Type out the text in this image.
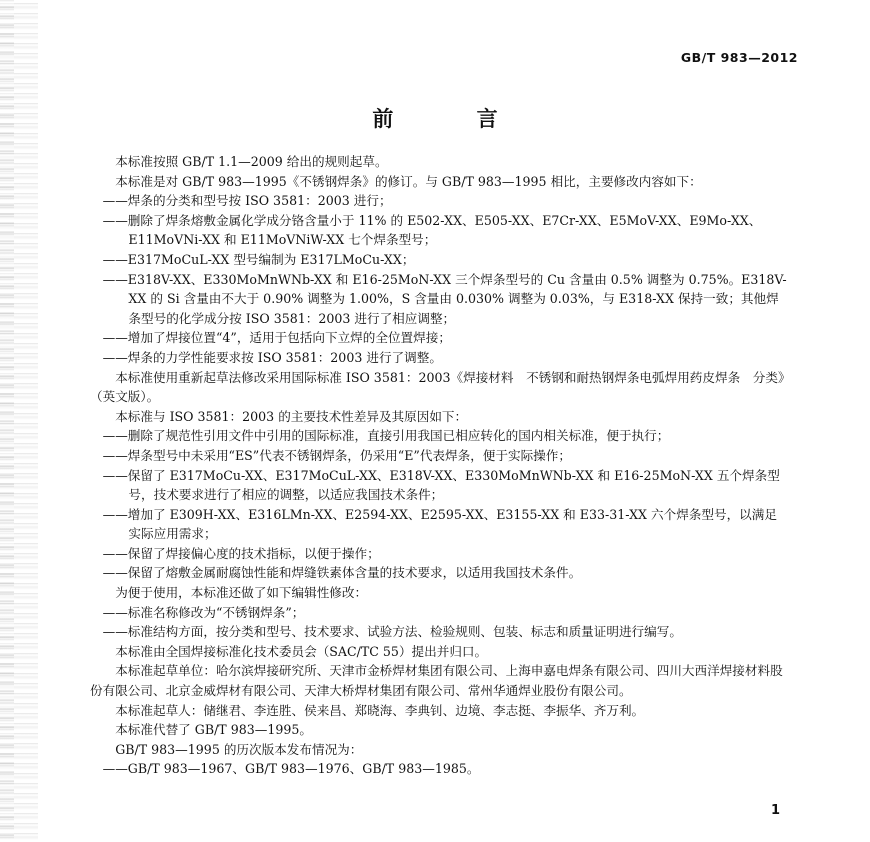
GB/T 983—2012
前 言

本标准按照 GB/T 1.1—2009 给出的规则起草。

本标准是对 GB/T 983—1995《不锈钢焊条》的修订。与 GB/T 983—1995 相比，主要修改内容如下：

——焊条的分类和型号按 ISO 3581：2003 进行；

——删除了焊条熔敷金属化学成分铬含量小于 11% 的 E502-XX、E505-XX、E7Cr-XX、E5MoV-XX、E9Mo-XX、E11MoVNi-XX 和 E11MoVNiW-XX 七个焊条型号；

——E317MoCuL-XX 型号编制为 E317LMoCu-XX；

——E318V-XX、E330MoMnWNb-XX 和 E16-25MoN-XX 三个焊条型号的 Cu 含量由 0.5% 调整为 0.75%。E318V-XX 的 Si 含量由不大于 0.90% 调整为 1.00%，S 含量由 0.030% 调整为 0.03%，与 E318-XX 保持一致；其他焊条型号的化学成分按 ISO 3581：2003 进行了相应调整；

——增加了焊接位置“4”，适用于包括向下立焊的全位置焊接；

——焊条的力学性能要求按 ISO 3581：2003 进行了调整。

本标准使用重新起草法修改采用国际标准 ISO 3581：2003《焊接材料　不锈钢和耐热钢焊条电弧焊用药皮焊条　分类》（英文版）。

本标准与 ISO 3581：2003 的主要技术性差异及其原因如下：

——删除了规范性引用文件中引用的国际标准，直接引用我国已相应转化的国内相关标准，便于执行；

——焊条型号中未采用“ES”代表不锈钢焊条，仍采用“E”代表焊条，便于实际操作；

——保留了 E317MoCu-XX、E317MoCuL-XX、E318V-XX、E330MoMnWNb-XX 和 E16-25MoN-XX 五个焊条型号，技术要求进行了相应的调整，以适应我国技术条件；

——增加了 E309H-XX、E316LMn-XX、E2594-XX、E2595-XX、E3155-XX 和 E33-31-XX 六个焊条型号，以满足实际应用需求；

——保留了焊接偏心度的技术指标，以便于操作；

——保留了熔敷金属耐腐蚀性能和焊缝铁素体含量的技术要求，以适用我国技术条件。

为便于使用，本标准还做了如下编辑性修改：

——标准名称修改为“不锈钢焊条”；

——标准结构方面，按分类和型号、技术要求、试验方法、检验规则、包装、标志和质量证明进行编写。

本标准由全国焊接标准化技术委员会（SAC/TC 55）提出并归口。

本标准起草单位：哈尔滨焊接研究所、天津市金桥焊材集团有限公司、上海申嘉电焊条有限公司、四川大西洋焊接材料股份有限公司、北京金威焊材有限公司、天津大桥焊材集团有限公司、常州华通焊业股份有限公司。

本标准起草人：储继君、李连胜、侯来昌、郑晓海、李典钊、边境、李志挺、李振华、齐万利。

本标准代替了 GB/T 983—1995。

GB/T 983—1995 的历次版本发布情况为：

——GB/T 983—1967、GB/T 983—1976、GB/T 983—1985。

1
